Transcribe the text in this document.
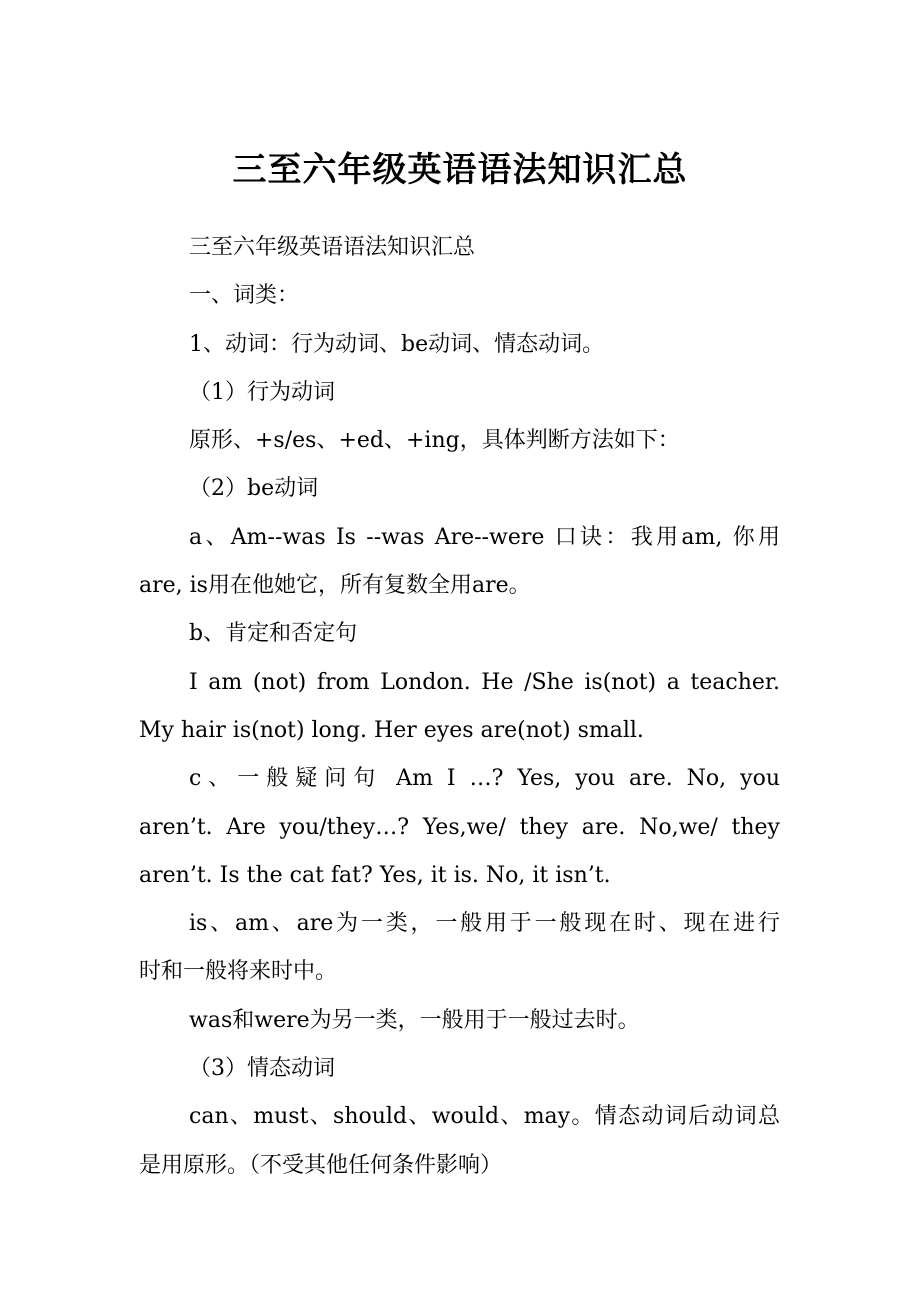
三至六年级英语语法知识汇总
三至六年级英语语法知识汇总
一、词类：
1、动词：行为动词、be动词、情态动词。
（1）行为动词
原形、+s/es、+ed、+ing，具体判断方法如下：
（2）be动词
a、Am--was Is --was Are--were 口诀：我用am, 你用
are, is用在他她它，所有复数全用are。
b、肯定和否定句
I am (not) from London. He /She is(not) a teacher.
My hair is(not) long. Her eyes are(not) small.
c、一般疑问句 Am I …? Yes, you are. No, you
aren’t. Are you/they…? Yes,we/ they are. No,we/ they
aren’t. Is the cat fat? Yes, it is. No, it isn’t.
is、am、are为一类，一般用于一般现在时、现在进行
时和一般将来时中。
was和were为另一类，一般用于一般过去时。
（3）情态动词
can、must、should、would、may。情态动词后动词总
是用原形。（不受其他任何条件影响）
